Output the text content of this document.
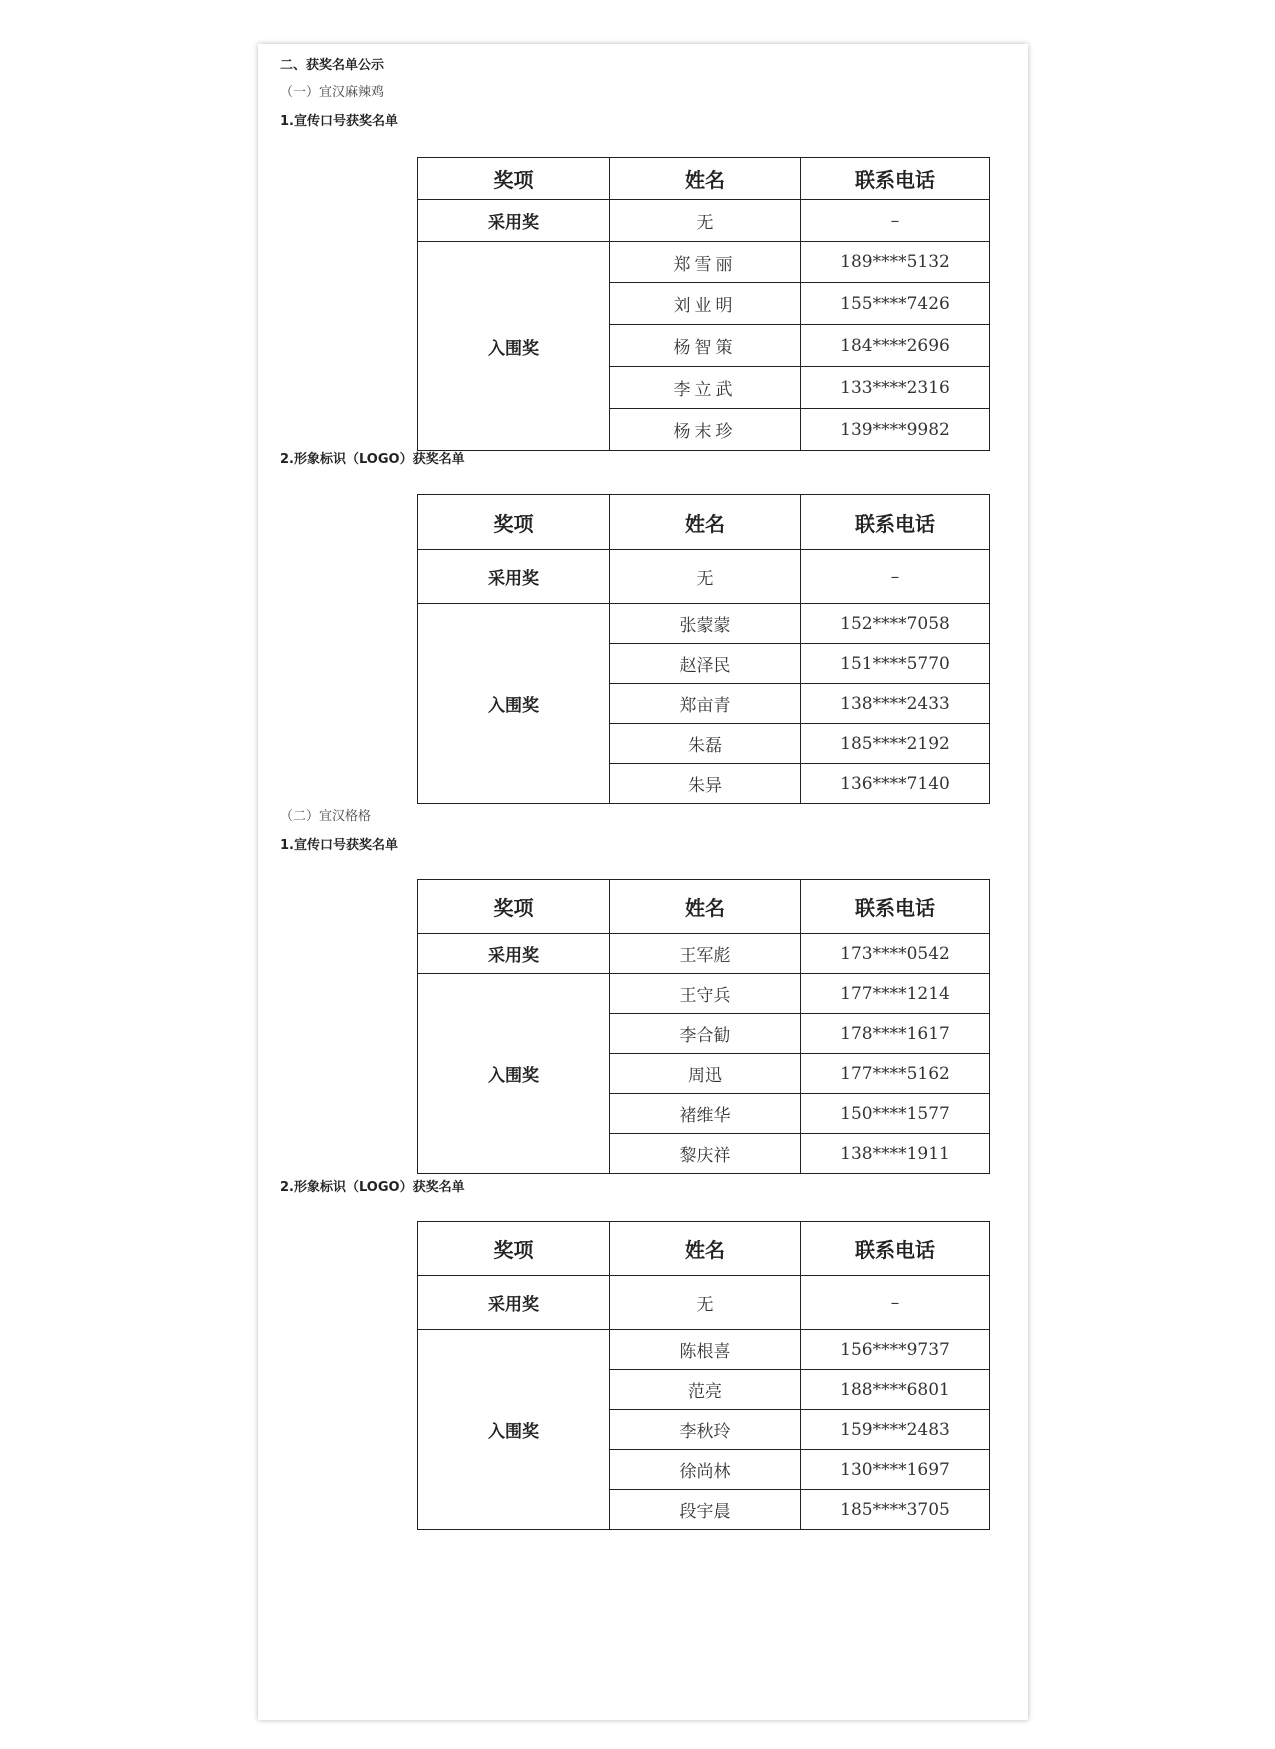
二、获奖名单公示
（一）宜汉麻辣鸡
1.宣传口号获奖名单
奖项	姓名	联系电话
采用奖	无	–
入围奖	郑雪丽	189****5132
	刘业明	155****7426
	杨智策	184****2696
	李立武	133****2316
	杨末珍	139****9982
2.形象标识（LOGO）获奖名单
奖项	姓名	联系电话
采用奖	无	–
入围奖	张蒙蒙	152****7058
	赵泽民	151****5770
	郑亩青	138****2433
	朱磊	185****2192
	朱异	136****7140
（二）宜汉格格
1.宣传口号获奖名单
奖项	姓名	联系电话
采用奖	王军彪	173****0542
入围奖	王守兵	177****1214
	李合勧	178****1617
	周迅	177****5162
	褚维华	150****1577
	黎庆祥	138****1911
2.形象标识（LOGO）获奖名单
奖项	姓名	联系电话
采用奖	无	–
入围奖	陈根喜	156****9737
	范亮	188****6801
	李秋玲	159****2483
	徐尚林	130****1697
	段宇晨	185****3705
